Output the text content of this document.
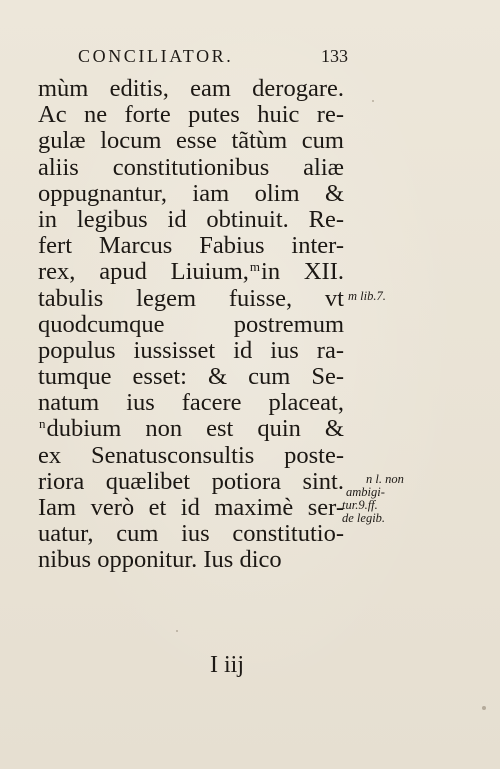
CONCILIATOR.	133
mùm editis, eam derogare.
Ac ne forte putes huic re-
gulæ locum esse tãtùm cum
aliis constitutionibus aliæ
oppugnantur, iam olim &
in legibus id obtinuit. Re-
fert Marcus Fabius inter-
rex, apud Liuium,$^m$in XII.
tabulis legem fuisse, vt
quodcumque postremum
populus iussisset id ius ra-
tumque esset: & cum Se-
natum ius facere placeat,
$^n$dubium non est quin &
ex Senatusconsultis poste-
riora quælibet potiora sint.
Iam verò et id maximè ser-
uatur, cum ius constitutio-
nibus opponitur. Ius dico
m lib.7.
n l. non
ambigi-
tur.9.ff.
de legib.
I iij
